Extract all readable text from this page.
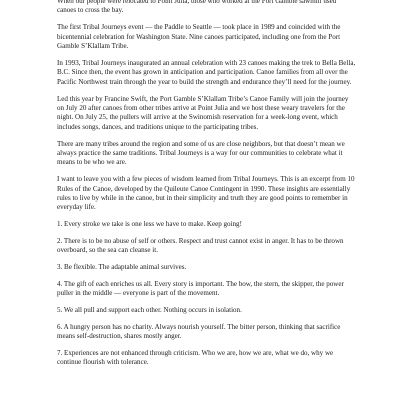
When our people were relocated to Point Julia, those who worked at the Port Gamble sawmill used canoes to cross the bay.

The first Tribal Journeys event — the Paddle to Seattle — took place in 1989 and coincided with the bicentennial celebration for Washington State. Nine canoes participated, including one from the Port Gamble S’Klallam Tribe.

In 1993, Tribal Journeys inaugurated an annual celebration with 23 canoes making the trek to Bella Bella, B.C. Since then, the event has grown in anticipation and participation. Canoe families from all over the Pacific Northwest train through the year to build the strength and endurance they’ll need for the journey.

Led this year by Francine Swift, the Port Gamble S’Klallam Tribe’s Canoe Family will join the journey on July 20 after canoes from other tribes arrive at Point Julia and we host these weary travelers for the night. On July 25, the pullers will arrive at the Swinomish reservation for a week-long event, which includes songs, dances, and traditions unique to the participating tribes.

There are many tribes around the region and some of us are close neighbors, but that doesn’t mean we always practice the same traditions. Tribal Journeys is a way for our communities to celebrate what it means to be who we are.

I want to leave you with a few pieces of wisdom learned from Tribal Journeys. This is an excerpt from 10 Rules of the Canoe, developed by the Quileute Canoe Contingent in 1990. These insights are essentially rules to live by while in the canoe, but in their simplicity and truth they are good points to remember in everyday life.

1. Every stroke we take is one less we have to make. Keep going!

2. There is to be no abuse of self or others. Respect and trust cannot exist in anger. It has to be thrown overboard, so the sea can cleanse it.

3. Be flexible. The adaptable animal survives.

4. The gift of each enriches us all. Every story is important. The bow, the stern, the skipper, the power puller in the middle — everyone is part of the movement.

5. We all pull and support each other. Nothing occurs in isolation.

6. A hungry person has no charity. Always nourish yourself. The bitter person, thinking that sacrifice means self-destruction, shares mostly anger.

7. Experiences are not enhanced through criticism. Who we are, how we are, what we do, why we continue flourish with tolerance.
